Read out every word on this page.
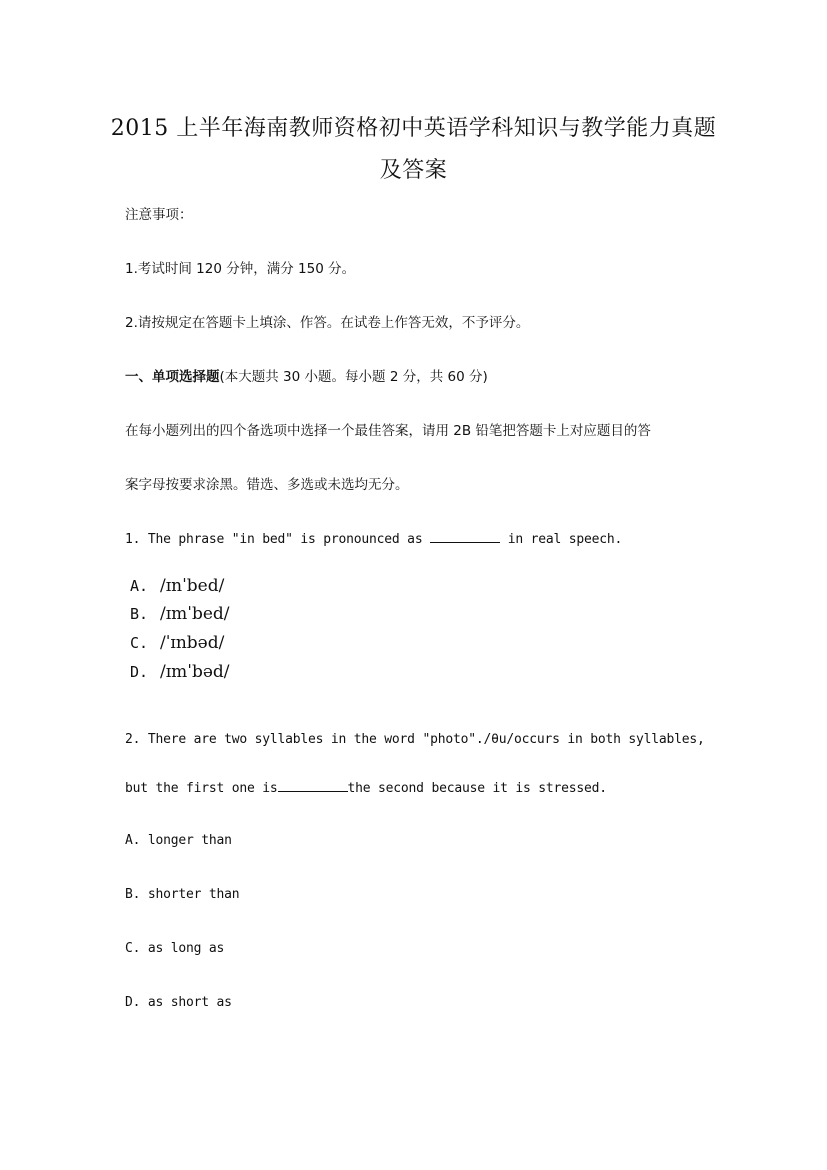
2015 上半年海南教师资格初中英语学科知识与教学能力真题及答案
注意事项：
1.考试时间 120 分钟，满分 150 分。
2.请按规定在答题卡上填涂、作答。在试卷上作答无效，不予评分。
一、单项选择题(本大题共 30 小题。每小题 2 分，共 60 分)
在每小题列出的四个备选项中选择一个最佳答案，请用 2B 铅笔把答题卡上对应题目的答
案字母按要求涂黑。错选、多选或未选均无分。
1. The phrase "in bed" is pronounced as	in real speech.
A. /ɪnˈbed/
B. /ɪmˈbed/
C. /ˈɪnbəd/
D. /ɪmˈbəd/
2. There are two syllables in the word "photo"./θu/occurs in both syllables,
but the first one is	the second because it is stressed.
A. longer than
B. shorter than
C. as long as
D. as short as
